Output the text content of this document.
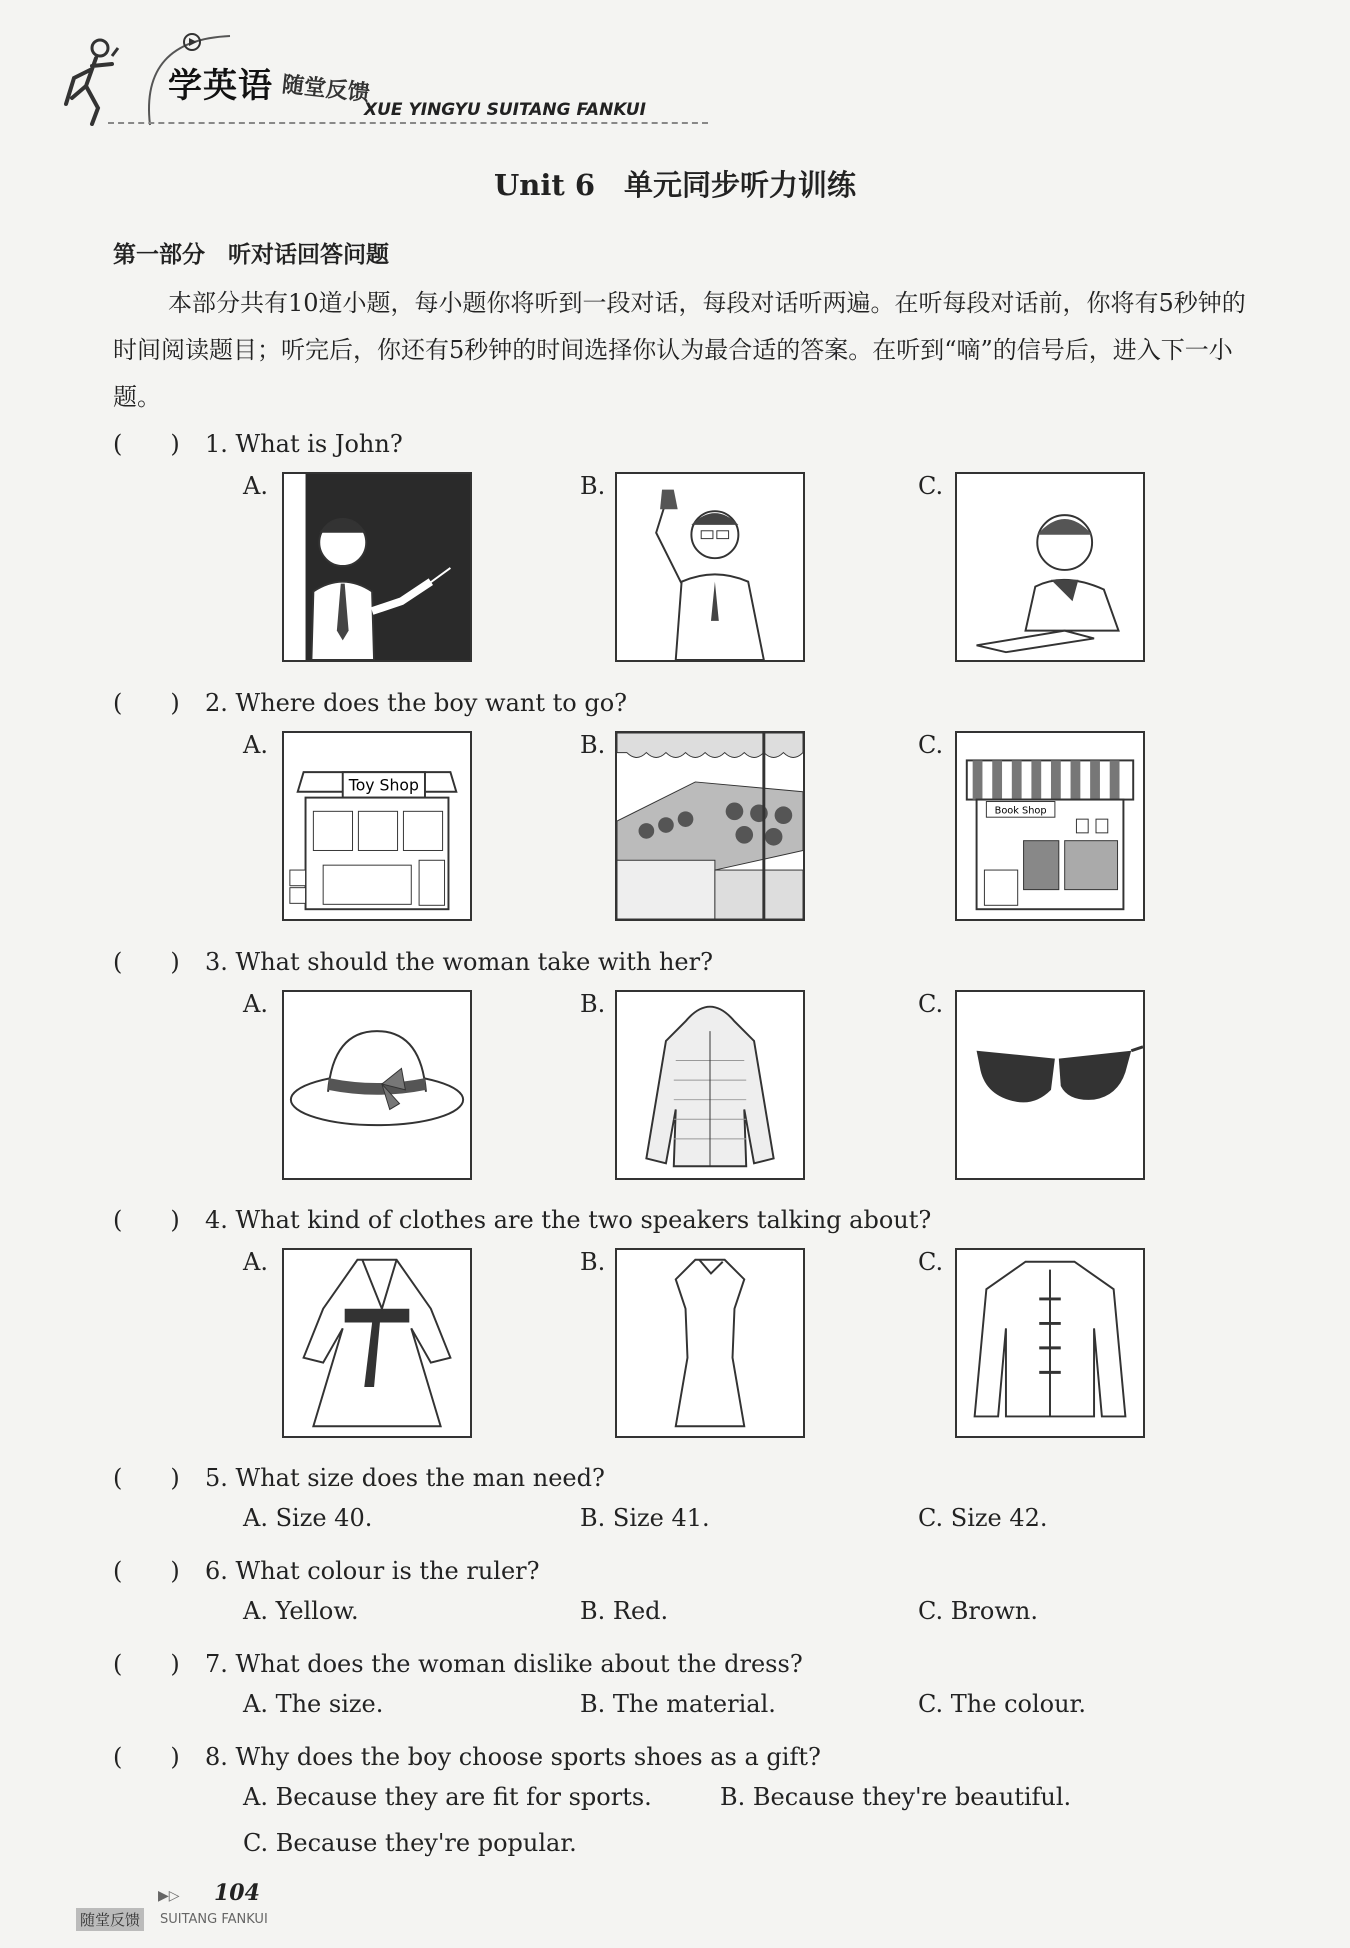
学英语 随堂反馈
XUE YINGYU SUITANG FANKUI
Unit 6　单元同步听力训练
第一部分　听对话回答问题
本部分共有10道小题，每小题你将听到一段对话，每段对话听两遍。在听每段对话前，你将有5秒钟的时间阅读题目；听完后，你还有5秒钟的时间选择你认为最合适的答案。在听到“嘀”的信号后，进入下一小题。
(　　) 1. What is John?
A.	B.	C.
(　　) 2. Where does the boy want to go?
A.	B.	C.
Toy Shop
Book Shop
(　　) 3. What should the woman take with her?
A.	B.	C.
(　　) 4. What kind of clothes are the two speakers talking about?
A.	B.	C.
(　　) 5. What size does the man need?
A. Size 40.	B. Size 41.	C. Size 42.
(　　) 6. What colour is the ruler?
A. Yellow.	B. Red.	C. Brown.
(　　) 7. What does the woman dislike about the dress?
A. The size.	B. The material.	C. The colour.
(　　) 8. Why does the boy choose sports shoes as a gift?
A. Because they are fit for sports.	B. Because they're beautiful.
C. Because they're popular.
▶▷ 104
随堂反馈	SUITANG FANKUI
